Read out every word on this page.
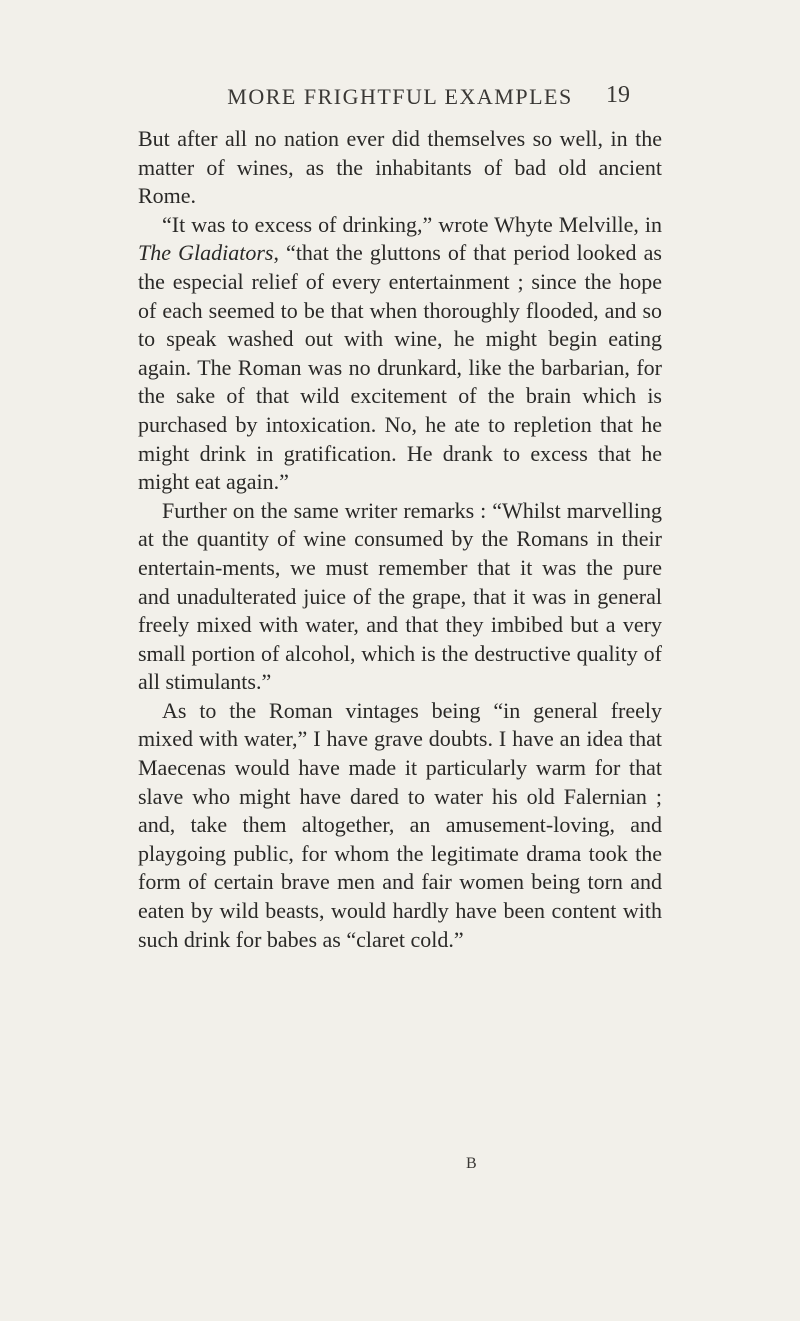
MORE FRIGHTFUL EXAMPLES	19

But after all no nation ever did themselves so well, in the matter of wines, as the inhabitants of bad old ancient Rome.

“It was to excess of drinking,” wrote Whyte Melville, in The Gladiators, “that the gluttons of that period looked as the especial relief of every entertainment ; since the hope of each seemed to be that when thoroughly flooded, and so to speak washed out with wine, he might begin eating again. The Roman was no drunkard, like the barbarian, for the sake of that wild excitement of the brain which is purchased by intoxication. No, he ate to repletion that he might drink in gratification. He drank to excess that he might eat again.”

Further on the same writer remarks : “Whilst marvelling at the quantity of wine consumed by the Romans in their entertain-ments, we must remember that it was the pure and unadulterated juice of the grape, that it was in general freely mixed with water, and that they imbibed but a very small portion of alcohol, which is the destructive quality of all stimulants.”

As to the Roman vintages being “in general freely mixed with water,” I have grave doubts. I have an idea that Maecenas would have made it particularly warm for that slave who might have dared to water his old Falernian ; and, take them altogether, an amusement-loving, and playgoing public, for whom the legitimate drama took the form of certain brave men and fair women being torn and eaten by wild beasts, would hardly have been content with such drink for babes as “claret cold.”

B
